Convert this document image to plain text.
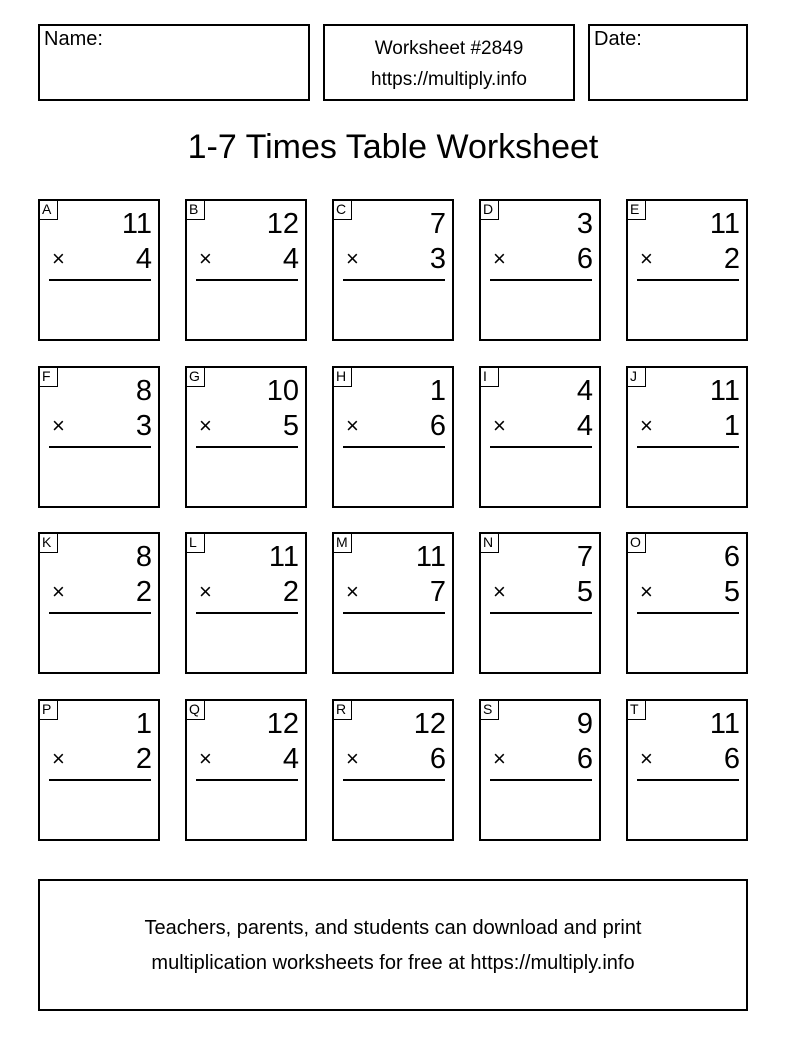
Name:	Worksheet #2849
https://multiply.info
Date:
1-7 Times Table Worksheet
A 11
× 4
B 12
× 4
C	7
× 3
D	3
× 6
E 11
× 2
F	8
× 3
G 10
× 5
H	1
× 6
I	4
× 4
J	11
× 1
K	8
× 2
L 11
× 2
M 11
× 7
N	7
× 5
O	6
× 5
P	1
× 2
Q 12
× 4
R 12
× 6
S	9
× 6
T 11
× 6
Teachers, parents, and students can download and print
multiplication worksheets for free at https://multiply.info
